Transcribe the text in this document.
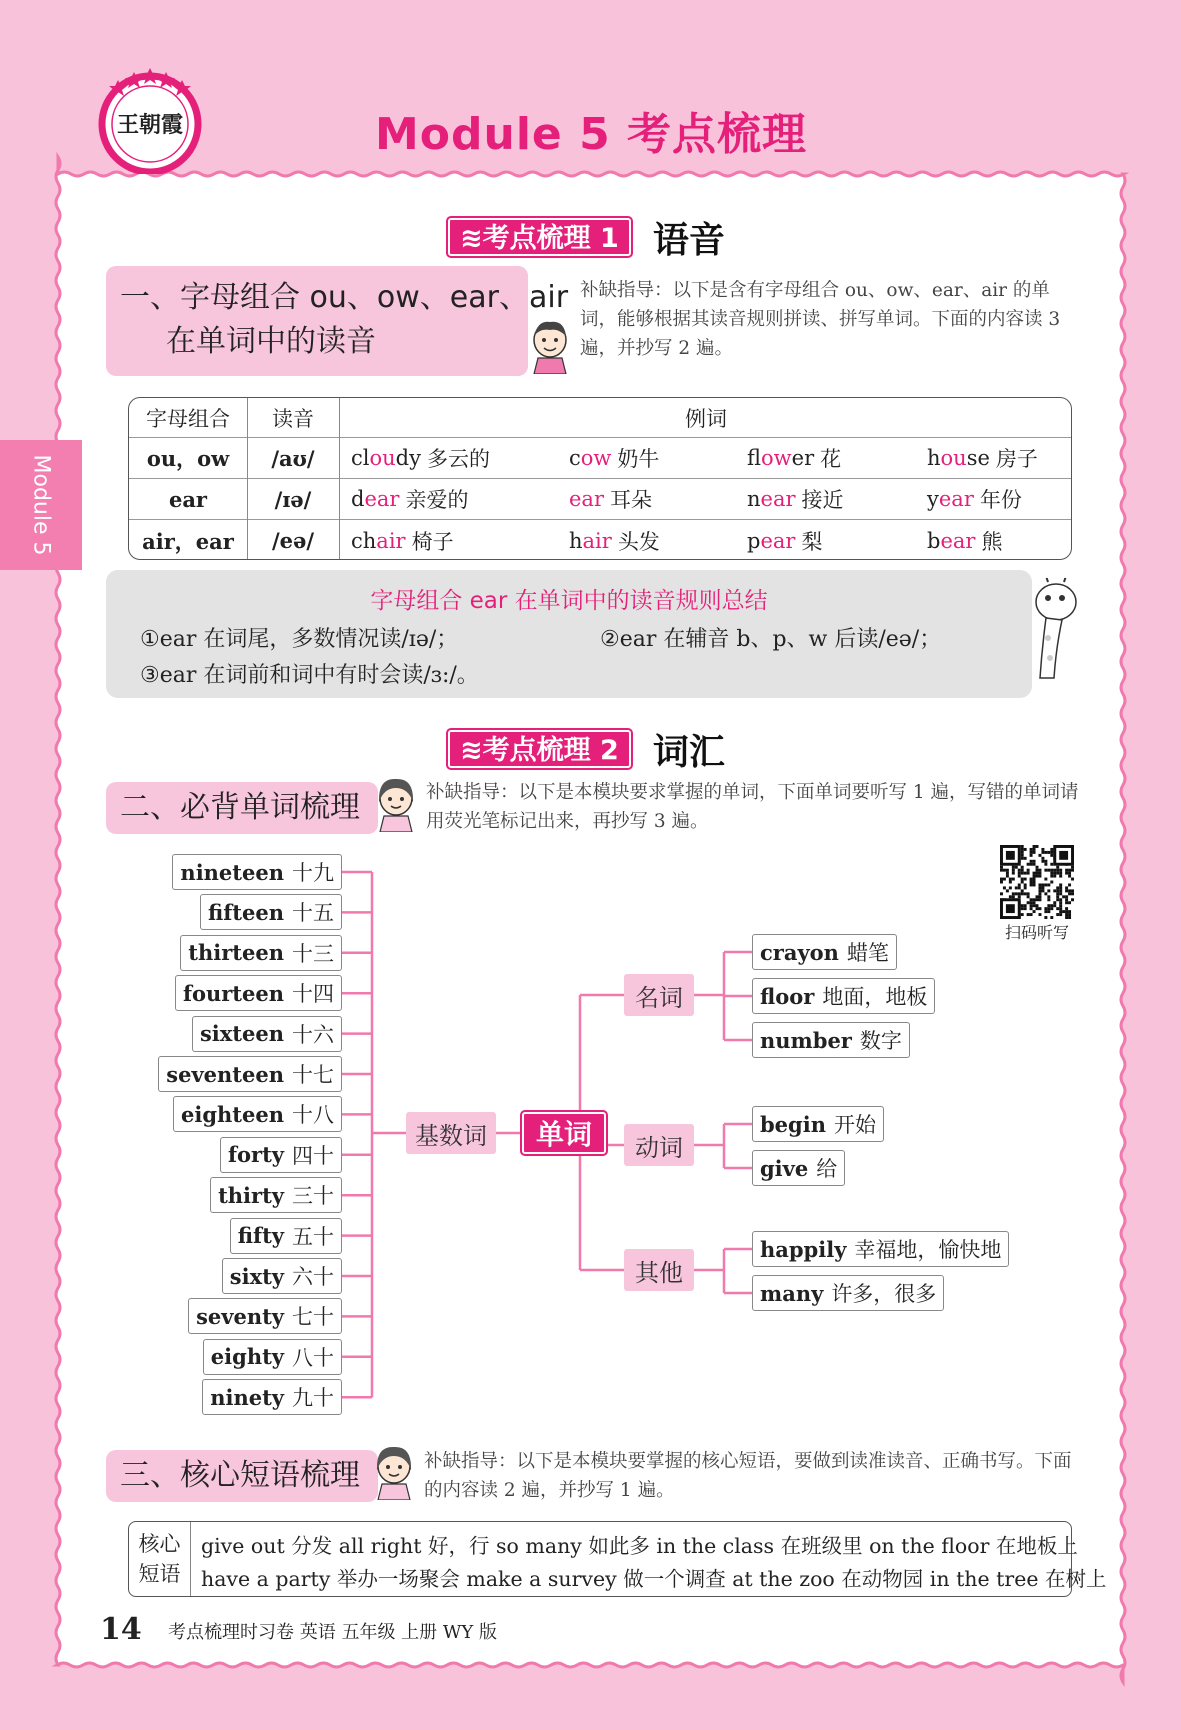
王朝霞	Module 5 考点梳理
Module 5
≋考点梳理 1 语音
一、字母组合 ou、ow、ear、air
在单词中的读音
补缺指导：以下是含有字母组合 ou、ow、ear、air 的单词，能够根据其读音规则拼读、拼写单词。下面的内容读 3 遍，并抄写 2 遍。
字母组合	读音	例词
ou，ow	/aʊ/	cl ou dy 多云的	c ow 奶牛	fl ow er 花	h ou se 房子
ear	/ɪə/	d ear 亲爱的	ear 耳朵	n ear 接近	y ear 年份
air，ear	/eə/	ch air 椅子	h air 头发	p ear 梨	b ear 熊
字母组合 ear 在单词中的读音规则总结
①ear 在词尾，多数情况读/ɪə/；	②ear 在辅音 b、p、w 后读/eə/；
③ear 在词前和词中有时会读/ɜ:/。
≋考点梳理 2 词汇
二、必背单词梳理	补缺指导：以下是本模块要求掌握的单词，下面单词要听写 1 遍，写错的单词请用荧光笔标记出来，再抄写 3 遍。
扫码听写
nineteen 十九
fifteen 十五
thirteen 十三
fourteen 十四
sixteen 十六
seventeen 十七
eighteen 十八
forty 四十
thirty 三十
fifty 五十
sixty 六十
seventy 七十
eighty 八十
ninety 九十
基数词	单词
名词
crayon 蜡笔
floor 地面，地板
number 数字
动词
begin 开始
give 给
其他
happily 幸福地，愉快地
many 许多，很多
三、核心短语梳理	补缺指导：以下是本模块要掌握的核心短语，要做到读准读音、正确书写。下面的内容读 2 遍，并抄写 1 遍。
核心
短语
give out 分发 all right 好，行 so many 如此多 in the class 在班级里 on the floor 在地板上
have a party 举办一场聚会 make a survey 做一个调查 at the zoo 在动物园 in the tree 在树上
14 考点梳理时习卷 英语 五年级 上册 WY 版
